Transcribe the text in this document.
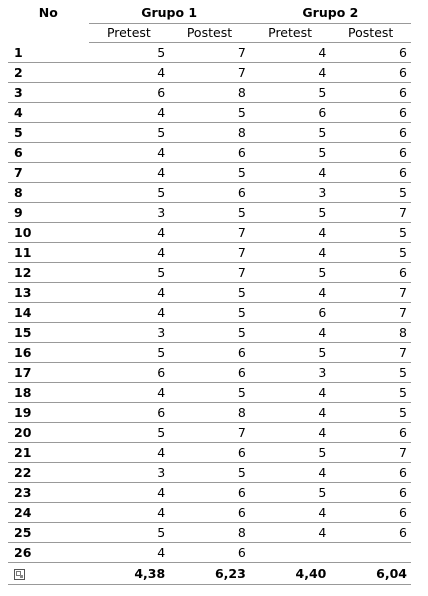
No	Grupo 1		Grupo 2	
	Pretest	Postest	Pretest	Postest
1	5	7	4	6
2	4	7	4	6
3	6	8	5	6
4	4	5	6	6
5	5	8	5	6
6	4	6	5	6
7	4	5	4	6
8	5	6	3	5
9	3	5	5	7
10	4	7	4	5
11	4	7	4	5
12	5	7	5	6
13	4	5	4	7
14	4	5	6	7
15	3	5	4	8
16	5	6	5	7
17	6	6	3	5
18	4	5	4	5
19	6	8	4	5
20	5	7	4	6
21	4	6	5	7
22	3	5	4	6
23	4	6	5	6
24	4	6	4	6
25	5	8	4	6
26	4	6		
	4,38	6,23	4,40	6,04
